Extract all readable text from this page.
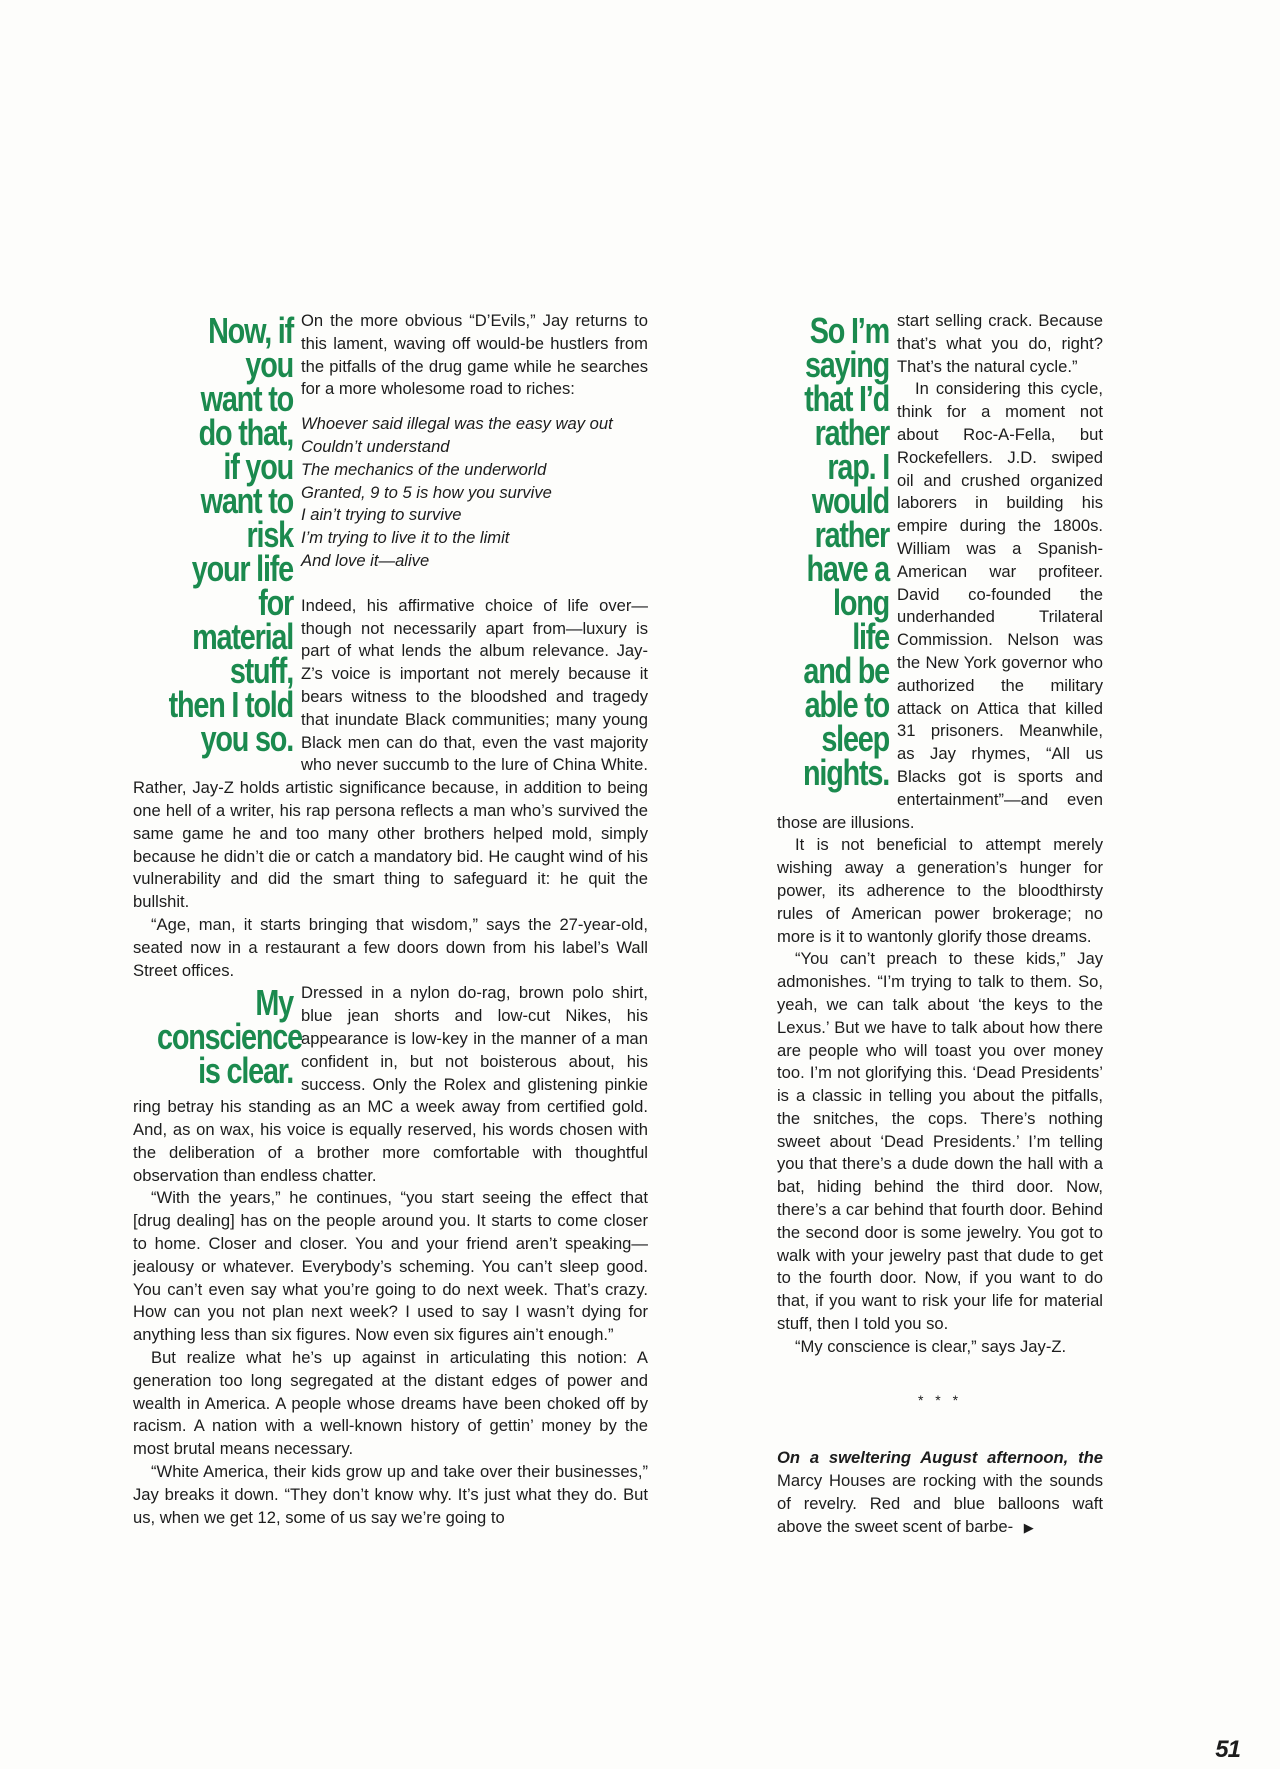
Now, if
you
want to
do that,
if you
want to
risk
your life
for
material
stuff,
then I told
you so.

On the more obvious “D’Evils,” Jay returns to this lament, waving off would-be hustlers from the pitfalls of the drug game while he searches for a more wholesome road to riches:

Whoever said illegal was the easy way out
Couldn’t understand
The mechanics of the underworld
Granted, 9 to 5 is how you survive
I ain’t trying to survive
I’m trying to live it to the limit
And love it—alive

Indeed, his affirmative choice of life over—though not necessarily apart from—luxury is part of what lends the album relevance. Jay-Z’s voice is important not merely because it bears witness to the bloodshed and tragedy that inundate Black communities; many young Black men can do that, even the vast majority who never succumb to the lure of China White. Rather, Jay-Z holds artistic significance because, in addition to being one hell of a writer, his rap persona reflects a man who’s survived the same game he and too many other brothers helped mold, simply because he didn’t die or catch a mandatory bid. He caught wind of his vulnerability and did the smart thing to safeguard it: he quit the bullshit.

“Age, man, it starts bringing that wisdom,” says the 27-year-old, seated now in a restaurant a few doors down from his label’s Wall Street offices.

My
conscience
is clear.

Dressed in a nylon do-rag, brown polo shirt, blue jean shorts and low-cut Nikes, his appearance is low-key in the manner of a man confident in, but not boisterous about, his success. Only the Rolex and glistening pinkie ring betray his standing as an MC a week away from certified gold. And, as on wax, his voice is equally reserved, his words chosen with the deliberation of a brother more comfortable with thoughtful observation than endless chatter.

“With the years,” he continues, “you start seeing the effect that [drug dealing] has on the people around you. It starts to come closer to home. Closer and closer. You and your friend aren’t speaking—jealousy or whatever. Everybody’s scheming. You can’t sleep good. You can’t even say what you’re going to do next week. That’s crazy. How can you not plan next week? I used to say I wasn’t dying for anything less than six figures. Now even six figures ain’t enough.”

But realize what he’s up against in articulating this notion: A generation too long segregated at the distant edges of power and wealth in America. A people whose dreams have been choked off by racism. A nation with a well-known history of gettin’ money by the most brutal means necessary.

“White America, their kids grow up and take over their businesses,” Jay breaks it down. “They don’t know why. It’s just what they do. But us, when we get 12, some of us say we’re going to

So I’m
saying
that I’d
rather
rap. I
would
rather
have a
long life
and be
able to
sleep
nights.

start selling crack. Because that’s what you do, right? That’s the natural cycle.”

In considering this cycle, think for a moment not about Roc-A-Fella, but Rockefellers. J.D. swiped oil and crushed organized laborers in building his empire during the 1800s. William was a Spanish-American war profiteer. David co-founded the underhanded Trilateral Commission. Nelson was the New York governor who authorized the military attack on Attica that killed 31 prisoners. Meanwhile, as Jay rhymes, “All us Blacks got is sports and entertainment”—and even those are illusions.

It is not beneficial to attempt merely wishing away a generation’s hunger for power, its adherence to the bloodthirsty rules of American power brokerage; no more is it to wantonly glorify those dreams.

“You can’t preach to these kids,” Jay admonishes. “I’m trying to talk to them. So, yeah, we can talk about ‘the keys to the Lexus.’ But we have to talk about how there are people who will toast you over money too. I’m not glorifying this. ‘Dead Presidents’ is a classic in telling you about the pitfalls, the snitches, the cops. There’s nothing sweet about ‘Dead Presidents.’ I’m telling you that there’s a dude down the hall with a bat, hiding behind the third door. Now, there’s a car behind that fourth door. Behind the second door is some jewelry. You got to walk with your jewelry past that dude to get to the fourth door. Now, if you want to do that, if you want to risk your life for material stuff, then I told you so.

“My conscience is clear,” says Jay-Z.

* * *

On a sweltering August afternoon, the Marcy Houses are rocking with the sounds of revelry. Red and blue balloons waft above the sweet scent of barbe- ▶

51
